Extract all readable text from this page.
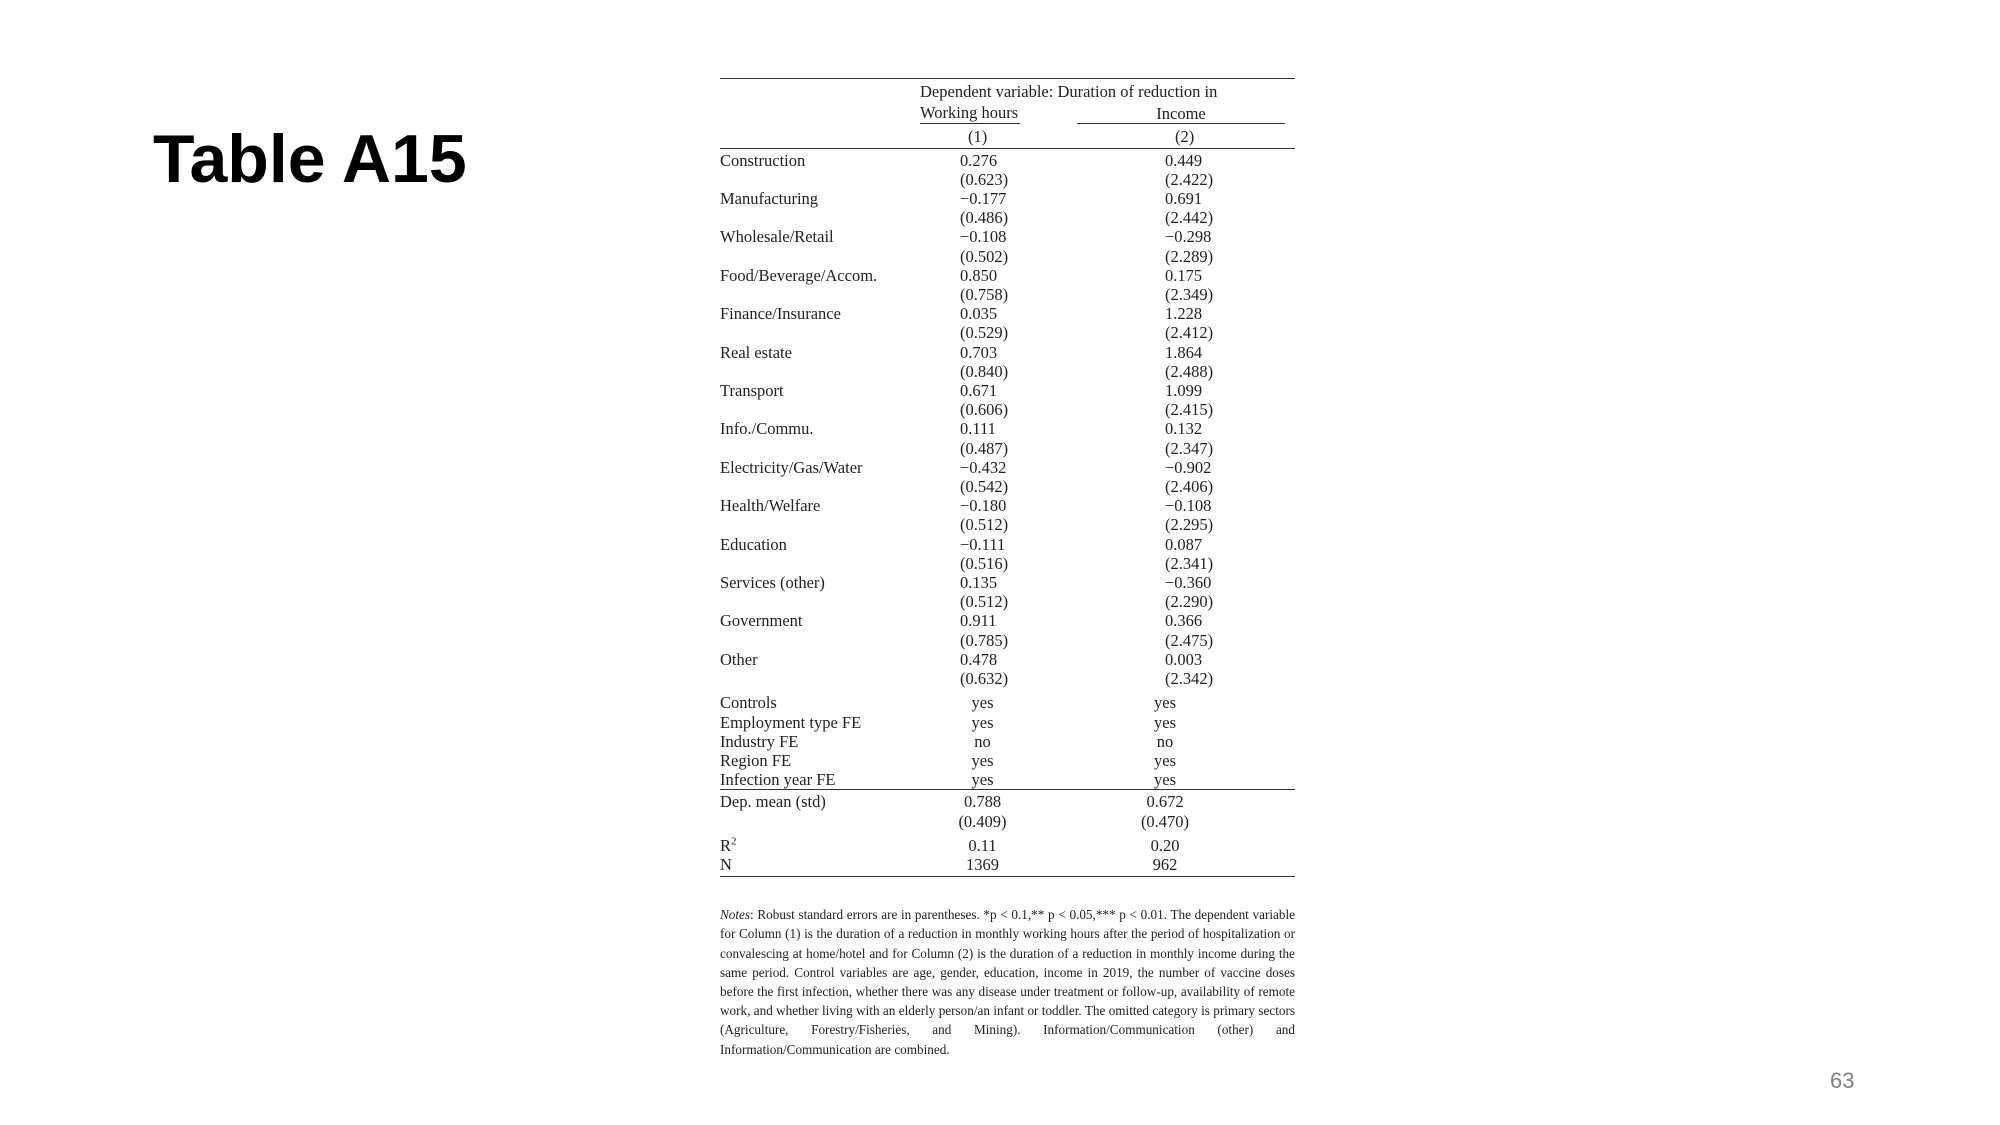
Table A15
	Dependent variable: Duration of reduction in	
	Working hours	Income

	(1)	(2)
Construction	0.276	0.449
	(0.623)	(2.422)
Manufacturing	−0.177	0.691
	(0.486)	(2.442)
Wholesale/Retail	−0.108	−0.298
	(0.502)	(2.289)
Food/Beverage/Accom.	0.850	0.175
	(0.758)	(2.349)
Finance/Insurance	0.035	1.228
	(0.529)	(2.412)
Real estate	0.703	1.864
	(0.840)	(2.488)
Transport	0.671	1.099
	(0.606)	(2.415)
Info./Commu.	0.111	0.132
	(0.487)	(2.347)
Electricity/Gas/Water	−0.432	−0.902
	(0.542)	(2.406)
Health/Welfare	−0.180	−0.108
	(0.512)	(2.295)
Education	−0.111	0.087
	(0.516)	(2.341)
Services (other)	0.135	−0.360
	(0.512)	(2.290)
Government	0.911	0.366
	(0.785)	(2.475)
Other	0.478	0.003
	(0.632)	(2.342)
Controls	yes	yes
Employment type FE	yes	yes
Industry FE	no	no
Region FE	yes	yes
Infection year FE	yes	yes
Dep. mean (std)	0.788	0.672
	(0.409)	(0.470)
$R^2$	0.11	0.20
N	1369	962
Notes: Robust standard errors are in parentheses. *p < 0.1,** p < 0.05,*** p < 0.01. The dependent variable for Column (1) is the duration of a reduction in monthly working hours after the period of hospitalization or convalescing at home/hotel and for Column (2) is the duration of a reduction in monthly income during the same period. Control variables are age, gender, education, income in 2019, the number of vaccine doses before the first infection, whether there was any disease under treatment or follow-up, availability of remote work, and whether living with an elderly person/an infant or toddler. The omitted category is primary sectors (Agriculture, Forestry/Fisheries, and Mining). Information/Communication (other) and Information/Communication are combined.
63
